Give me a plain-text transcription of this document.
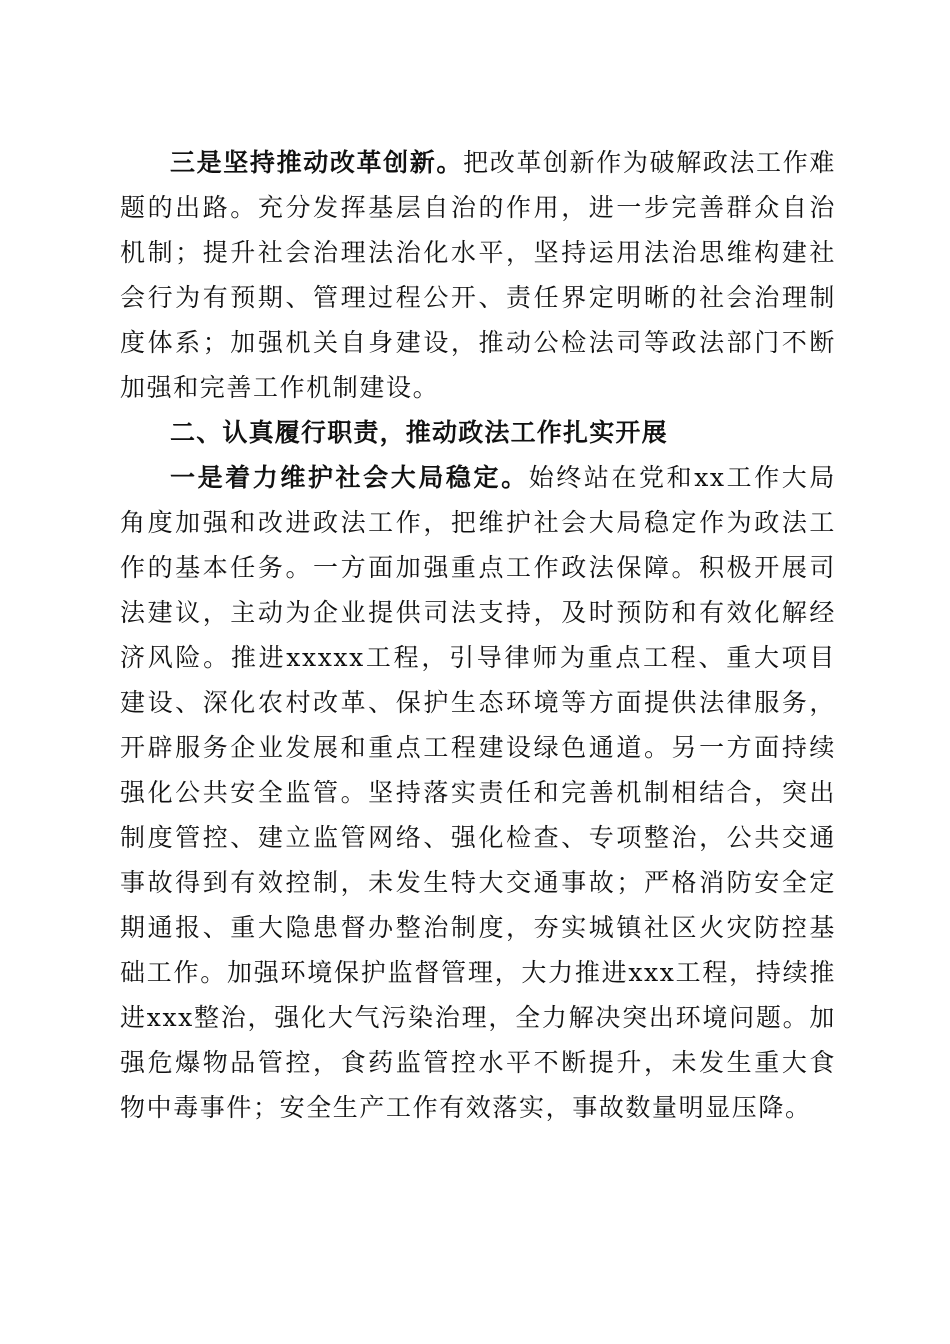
三是坚持推动改革创新。把改革创新作为破解政法工作难题的出路。充分发挥基层自治的作用，进一步完善群众自治机制；提升社会治理法治化水平，坚持运用法治思维构建社会行为有预期、管理过程公开、责任界定明晰的社会治理制度体系；加强机关自身建设，推动公检法司等政法部门不断加强和完善工作机制建设。

二、认真履行职责，推动政法工作扎实开展

一是着力维护社会大局稳定。始终站在党和xx工作大局角度加强和改进政法工作，把维护社会大局稳定作为政法工作的基本任务。一方面加强重点工作政法保障。积极开展司法建议，主动为企业提供司法支持，及时预防和有效化解经济风险。推进xxxxx工程，引导律师为重点工程、重大项目建设、深化农村改革、保护生态环境等方面提供法律服务，开辟服务企业发展和重点工程建设绿色通道。另一方面持续强化公共安全监管。坚持落实责任和完善机制相结合，突出制度管控、建立监管网络、强化检查、专项整治，公共交通事故得到有效控制，未发生特大交通事故；严格消防安全定期通报、重大隐患督办整治制度，夯实城镇社区火灾防控基础工作。加强环境保护监督管理，大力推进xxx工程，持续推进xxx整治，强化大气污染治理，全力解决突出环境问题。加强危爆物品管控，食药监管控水平不断提升，未发生重大食物中毒事件；安全生产工作有效落实，事故数量明显压降。
